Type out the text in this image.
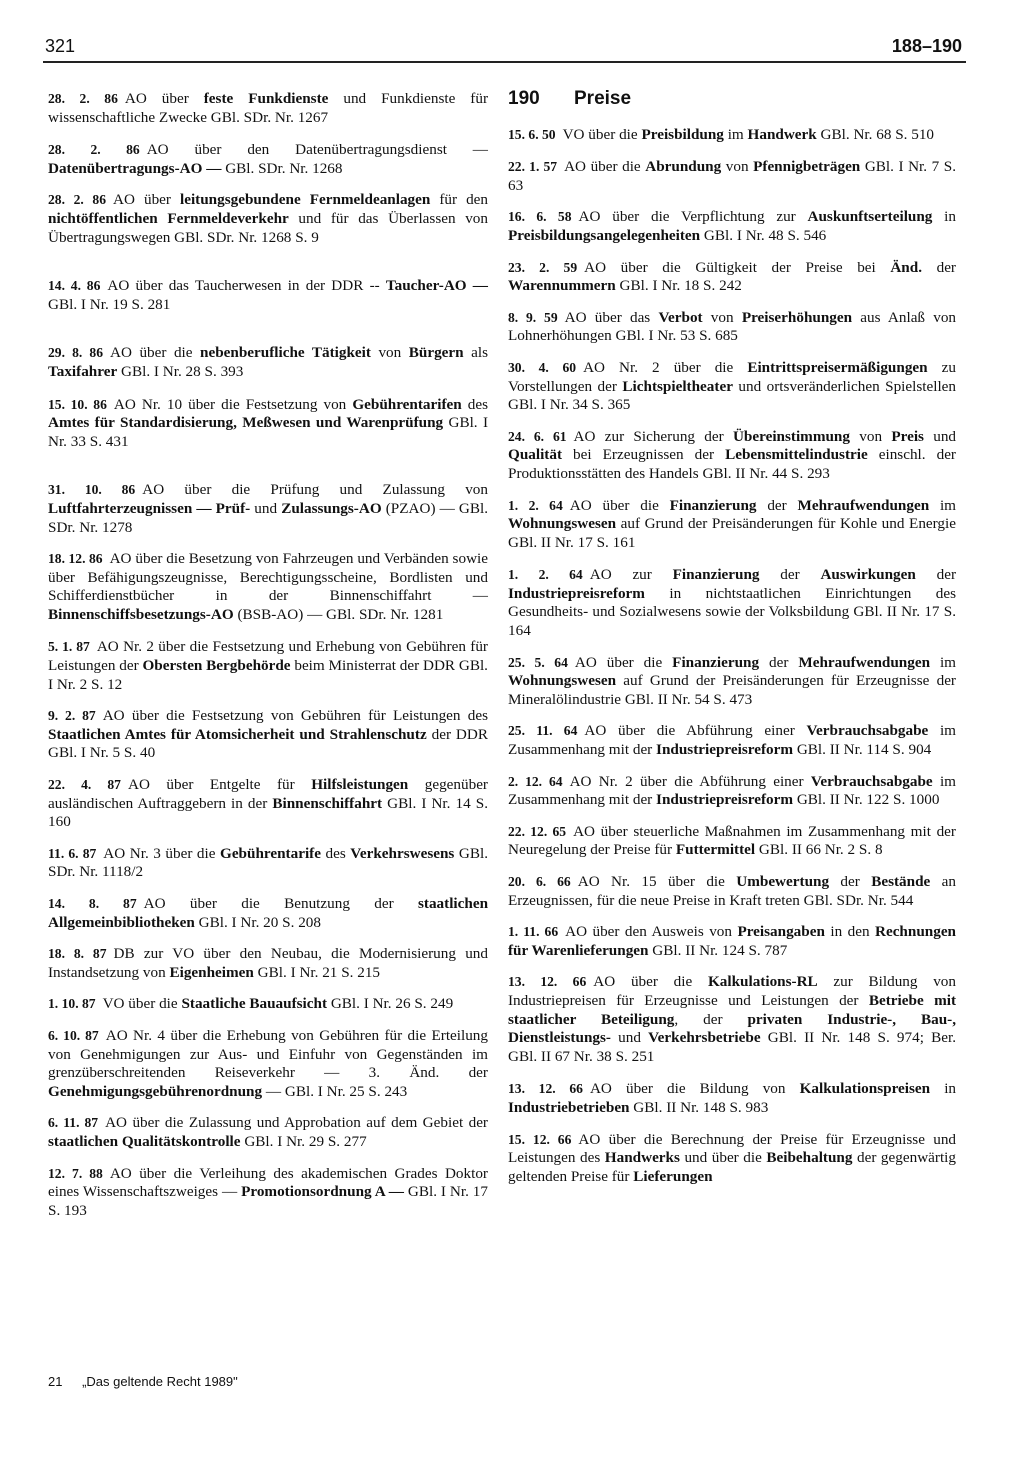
321	188–190

28. 2. 86 AO über feste Funkdienste und Funkdienste für wissenschaftliche Zwecke GBl. SDr. Nr. 1267

28. 2. 86 AO über den Datenübertragungsdienst — Datenübertragungs-AO — GBl. SDr. Nr. 1268

28. 2. 86 AO über leitungsgebundene Fernmeldeanlagen für den nichtöffentlichen Fernmeldeverkehr und für das Überlassen von Übertragungswegen GBl. SDr. Nr. 1268 S. 9

14. 4. 86 AO über das Taucherwesen in der DDR -- Taucher-AO — GBl. I Nr. 19 S. 281

29. 8. 86 AO über die nebenberufliche Tätigkeit von Bürgern als Taxifahrer GBl. I Nr. 28 S. 393

15. 10. 86 AO Nr. 10 über die Festsetzung von Gebührentarifen des Amtes für Standardisierung, Meßwesen und Warenprüfung GBl. I Nr. 33 S. 431

31. 10. 86 AO über die Prüfung und Zulassung von Luftfahrterzeugnissen — Prüf- und Zulassungs-AO (PZAO) — GBl. SDr. Nr. 1278

18. 12. 86 AO über die Besetzung von Fahrzeugen und Verbänden sowie über Befähigungszeugnisse, Berechtigungsscheine, Bordlisten und Schifferdienstbücher in der Binnenschiffahrt — Binnenschiffsbesetzungs-AO (BSB-AO) — GBl. SDr. Nr. 1281

5. 1. 87 AO Nr. 2 über die Festsetzung und Erhebung von Gebühren für Leistungen der Obersten Bergbehörde beim Ministerrat der DDR GBl. I Nr. 2 S. 12

9. 2. 87 AO über die Festsetzung von Gebühren für Leistungen des Staatlichen Amtes für Atomsicherheit und Strahlenschutz der DDR GBl. I Nr. 5 S. 40

22. 4. 87 AO über Entgelte für Hilfsleistungen gegenüber ausländischen Auftraggebern in der Binnenschiffahrt GBl. I Nr. 14 S. 160

11. 6. 87 AO Nr. 3 über die Gebührentarife des Verkehrswesens GBl. SDr. Nr. 1118/2

14. 8. 87 AO über die Benutzung der staatlichen Allgemeinbibliotheken GBl. I Nr. 20 S. 208

18. 8. 87 DB zur VO über den Neubau, die Modernisierung und Instandsetzung von Eigenheimen GBl. I Nr. 21 S. 215

1. 10. 87 VO über die Staatliche Bauaufsicht GBl. I Nr. 26 S. 249

6. 10. 87 AO Nr. 4 über die Erhebung von Gebühren für die Erteilung von Genehmigungen zur Aus- und Einfuhr von Gegenständen im grenzüberschreitenden Reiseverkehr — 3. Änd. der Genehmigungsgebührenordnung — GBl. I Nr. 25 S. 243

6. 11. 87 AO über die Zulassung und Approbation auf dem Gebiet der staatlichen Qualitätskontrolle GBl. I Nr. 29 S. 277

12. 7. 88 AO über die Verleihung des akademischen Grades Doktor eines Wissenschaftszweiges — Promotionsordnung A — GBl. I Nr. 17 S. 193

190 Preise

15. 6. 50 VO über die Preisbildung im Handwerk GBl. Nr. 68 S. 510

22. 1. 57 AO über die Abrundung von Pfennigbeträgen GBl. I Nr. 7 S. 63

16. 6. 58 AO über die Verpflichtung zur Auskunftserteilung in Preisbildungsangelegenheiten GBl. I Nr. 48 S. 546

23. 2. 59 AO über die Gültigkeit der Preise bei Änd. der Warennummern GBl. I Nr. 18 S. 242

8. 9. 59 AO über das Verbot von Preiserhöhungen aus Anlaß von Lohnerhöhungen GBl. I Nr. 53 S. 685

30. 4. 60 AO Nr. 2 über die Eintrittspreisermäßigungen zu Vorstellungen der Lichtspieltheater und ortsveränderlichen Spielstellen GBl. I Nr. 34 S. 365

24. 6. 61 AO zur Sicherung der Übereinstimmung von Preis und Qualität bei Erzeugnissen der Lebensmittelindustrie einschl. der Produktionsstätten des Handels GBl. II Nr. 44 S. 293

1. 2. 64 AO über die Finanzierung der Mehraufwendungen im Wohnungswesen auf Grund der Preisänderungen für Kohle und Energie GBl. II Nr. 17 S. 161

1. 2. 64 AO zur Finanzierung der Auswirkungen der Industriepreisreform in nichtstaatlichen Einrichtungen des Gesundheits- und Sozialwesens sowie der Volksbildung GBl. II Nr. 17 S. 164

25. 5. 64 AO über die Finanzierung der Mehraufwendungen im Wohnungswesen auf Grund der Preisänderungen für Erzeugnisse der Mineralölindustrie GBl. II Nr. 54 S. 473

25. 11. 64 AO über die Abführung einer Verbrauchsabgabe im Zusammenhang mit der Industriepreisreform GBl. II Nr. 114 S. 904

2. 12. 64 AO Nr. 2 über die Abführung einer Verbrauchsabgabe im Zusammenhang mit der Industriepreisreform GBl. II Nr. 122 S. 1000

22. 12. 65 AO über steuerliche Maßnahmen im Zusammenhang mit der Neuregelung der Preise für Futtermittel GBl. II 66 Nr. 2 S. 8

20. 6. 66 AO Nr. 15 über die Umbewertung der Bestände an Erzeugnissen, für die neue Preise in Kraft treten GBl. SDr. Nr. 544

1. 11. 66 AO über den Ausweis von Preisangaben in den Rechnungen für Warenlieferungen GBl. II Nr. 124 S. 787

13. 12. 66 AO über die Kalkulations-RL zur Bildung von Industriepreisen für Erzeugnisse und Leistungen der Betriebe mit staatlicher Beteiligung, der privaten Industrie-, Bau-, Dienstleistungs- und Verkehrsbetriebe GBl. II Nr. 148 S. 974; Ber. GBl. II 67 Nr. 38 S. 251

13. 12. 66 AO über die Bildung von Kalkulationspreisen in Industriebetrieben GBl. II Nr. 148 S. 983

15. 12. 66 AO über die Berechnung der Preise für Erzeugnisse und Leistungen des Handwerks und über die Beibehaltung der gegenwärtig geltenden Preise für Lieferungen

21 „Das geltende Recht 1989"
